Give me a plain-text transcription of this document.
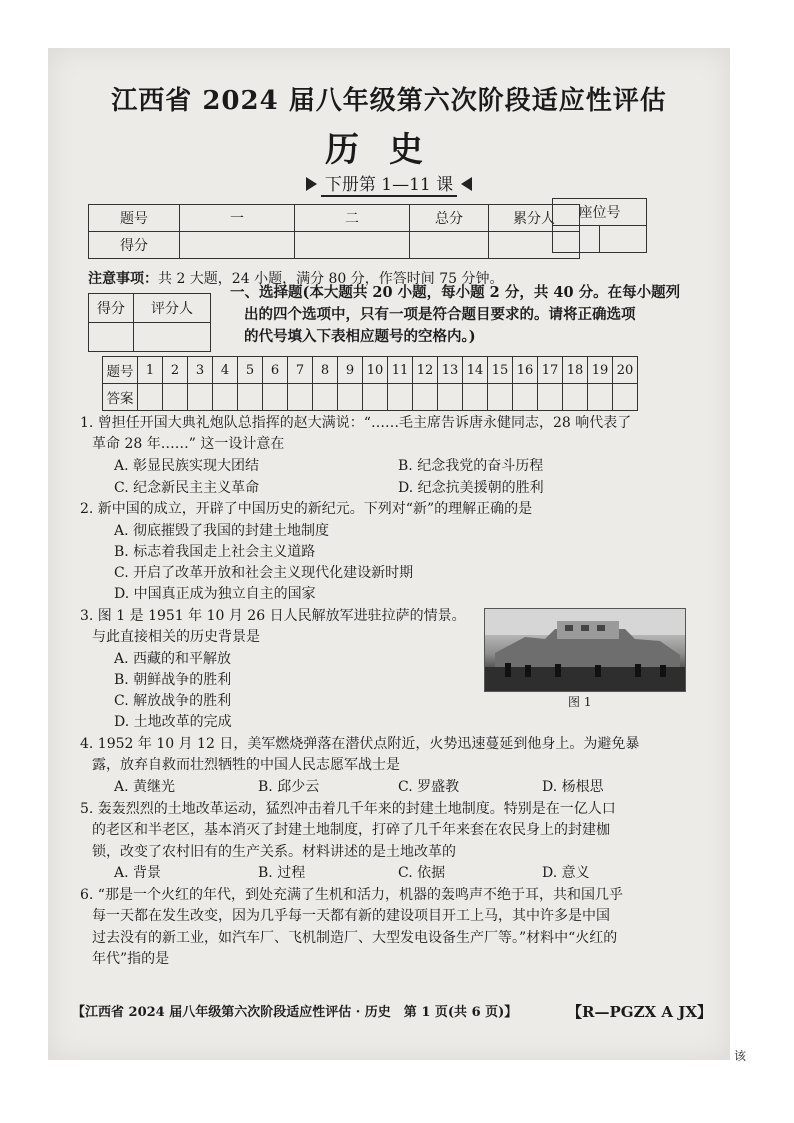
江西省 2024 届八年级第六次阶段适应性评估
历史
下册第 1—11 课
题号	一	二	总分	累分人
得分				
座位号

注意事项：共 2 大题，24 小题，满分 80 分，作答时间 75 分钟。
得分	评分人

一、选择题(本大题共 20 小题，每小题 2 分，共 40 分。在每小题列
出的四个选项中，只有一项是符合题目要求的。请将正确选项
的代号填入下表相应题号的空格内。)
题号	1	2	3	4	5	6	7	8	9	10	11	12	13	14	15	16	17	18	19	20
答案																				
1. 曾担任开国大典礼炮队总指挥的赵大满说：“……毛主席告诉唐永健同志，28 响代表了
革命 28 年……” 这一设计意在
A. 彰显民族实现大团结	B. 纪念我党的奋斗历程
C. 纪念新民主主义革命	D. 纪念抗美援朝的胜利
2. 新中国的成立，开辟了中国历史的新纪元。下列对“新”的理解正确的是
A. 彻底摧毁了我国的封建土地制度
B. 标志着我国走上社会主义道路
C. 开启了改革开放和社会主义现代化建设新时期
D. 中国真正成为独立自主的国家
3. 图 1 是 1951 年 10 月 26 日人民解放军进驻拉萨的情景。
与此直接相关的历史背景是
A. 西藏的和平解放
B. 朝鲜战争的胜利
C. 解放战争的胜利
D. 土地改革的完成
图 1
4. 1952 年 10 月 12 日，美军燃烧弹落在潜伏点附近，火势迅速蔓延到他身上。为避免暴
露，放弃自救而壮烈牺牲的中国人民志愿军战士是
A. 黄继光	B. 邱少云	C. 罗盛教	D. 杨根思
5. 轰轰烈烈的土地改革运动，猛烈冲击着几千年来的封建土地制度。特别是在一亿人口
的老区和半老区，基本消灭了封建土地制度，打碎了几千年来套在农民身上的封建枷
锁，改变了农村旧有的生产关系。材料讲述的是土地改革的
A. 背景	B. 过程	C. 依据	D. 意义
6. “那是一个火红的年代，到处充满了生机和活力，机器的轰鸣声不绝于耳，共和国几乎
每一天都在发生改变，因为几乎每一天都有新的建设项目开工上马，其中许多是中国
过去没有的新工业，如汽车厂、飞机制造厂、大型发电设备生产厂等。”材料中“火红的
年代”指的是
【江西省 2024 届八年级第六次阶段适应性评估 · 历史　第 1 页(共 6 页)】	【R—PGZX A JX】
该
